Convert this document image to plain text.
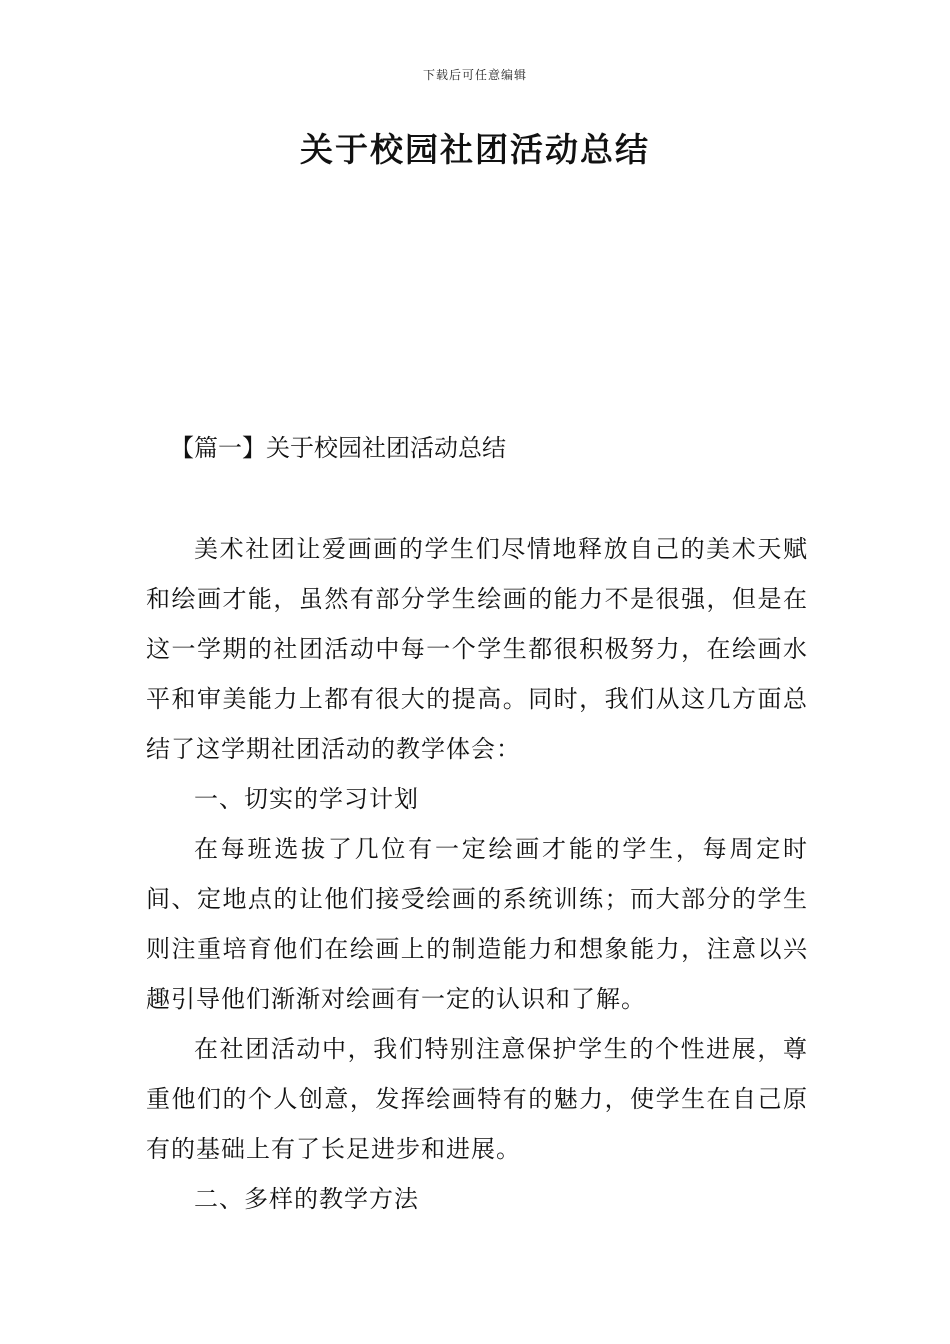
下载后可任意编辑
关于校园社团活动总结
【篇一】关于校园社团活动总结

美术社团让爱画画的学生们尽情地释放自己的美术天赋和绘画才能，虽然有部分学生绘画的能力不是很强，但是在这一学期的社团活动中每一个学生都很积极努力，在绘画水平和审美能力上都有很大的提高。同时，我们从这几方面总结了这学期社团活动的教学体会：

一、切实的学习计划

在每班选拔了几位有一定绘画才能的学生，每周定时间、定地点的让他们接受绘画的系统训练；而大部分的学生则注重培育他们在绘画上的制造能力和想象能力，注意以兴趣引导他们渐渐对绘画有一定的认识和了解。

在社团活动中，我们特别注意保护学生的个性进展，尊重他们的个人创意，发挥绘画特有的魅力，使学生在自己原有的基础上有了长足进步和进展。

二、多样的教学方法
